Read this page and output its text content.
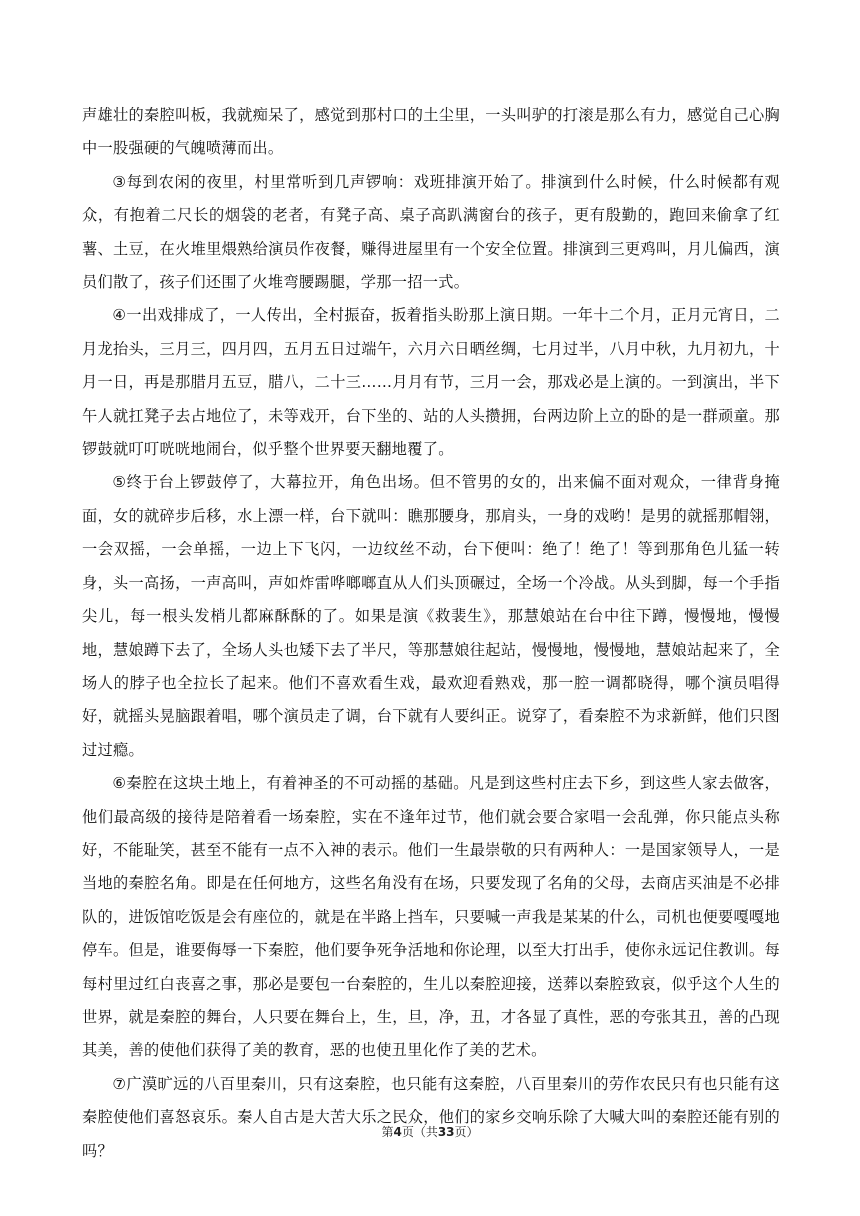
声雄壮的秦腔叫板，我就痴呆了，感觉到那村口的土尘里，一头叫驴的打滚是那么有力，感觉自己心胸中一股强硬的气魄喷薄而出。

③每到农闲的夜里，村里常听到几声锣响：戏班排演开始了。排演到什么时候，什么时候都有观众，有抱着二尺长的烟袋的老者，有凳子高、桌子高趴满窗台的孩子，更有殷勤的，跑回来偷拿了红薯、土豆，在火堆里煨熟给演员作夜餐，赚得进屋里有一个安全位置。排演到三更鸡叫，月儿偏西，演员们散了，孩子们还围了火堆弯腰踢腿，学那一招一式。

④一出戏排成了，一人传出，全村振奋，扳着指头盼那上演日期。一年十二个月，正月元宵日，二月龙抬头，三月三，四月四，五月五日过端午，六月六日晒丝绸，七月过半，八月中秋，九月初九，十月一日，再是那腊月五豆，腊八，二十三……月月有节，三月一会，那戏必是上演的。一到演出，半下午人就扛凳子去占地位了，未等戏开，台下坐的、站的人头攒拥，台两边阶上立的卧的是一群顽童。那锣鼓就叮叮咣咣地闹台，似乎整个世界要天翻地覆了。

⑤终于台上锣鼓停了，大幕拉开，角色出场。但不管男的女的，出来偏不面对观众，一律背身掩面，女的就碎步后移，水上漂一样，台下就叫：瞧那腰身，那肩头，一身的戏哟！是男的就摇那帽翎，一会双摇，一会单摇，一边上下飞闪，一边纹丝不动，台下便叫：绝了！绝了！等到那角色儿猛一转身，头一高扬，一声高叫，声如炸雷哗啷啷直从人们头顶碾过，全场一个冷战。从头到脚，每一个手指尖儿，每一根头发梢儿都麻酥酥的了。如果是演《救裴生》，那慧娘站在台中往下蹲，慢慢地，慢慢地，慧娘蹲下去了，全场人头也矮下去了半尺，等那慧娘往起站，慢慢地，慢慢地，慧娘站起来了，全场人的脖子也全拉长了起来。他们不喜欢看生戏，最欢迎看熟戏，那一腔一调都晓得，哪个演员唱得好，就摇头晃脑跟着唱，哪个演员走了调，台下就有人要纠正。说穿了，看秦腔不为求新鲜，他们只图过过瘾。

⑥秦腔在这块土地上，有着神圣的不可动摇的基础。凡是到这些村庄去下乡，到这些人家去做客，他们最高级的接待是陪着看一场秦腔，实在不逢年过节，他们就会要合家唱一会乱弹，你只能点头称好，不能耻笑，甚至不能有一点不入神的表示。他们一生最崇敬的只有两种人：一是国家领导人，一是当地的秦腔名角。即是在任何地方，这些名角没有在场，只要发现了名角的父母，去商店买油是不必排队的，进饭馆吃饭是会有座位的，就是在半路上挡车，只要喊一声我是某某的什么，司机也便要嘎嘎地停车。但是，谁要侮辱一下秦腔，他们要争死争活地和你论理，以至大打出手，使你永远记住教训。每每村里过红白丧喜之事，那必是要包一台秦腔的，生儿以秦腔迎接，送葬以秦腔致哀，似乎这个人生的世界，就是秦腔的舞台，人只要在舞台上，生，旦，净，丑，才各显了真性，恶的夸张其丑，善的凸现其美，善的使他们获得了美的教育，恶的也使丑里化作了美的艺术。

⑦广漠旷远的八百里秦川，只有这秦腔，也只能有这秦腔，八百里秦川的劳作农民只有也只能有这秦腔使他们喜怒哀乐。秦人自古是大苦大乐之民众，他们的家乡交响乐除了大喊大叫的秦腔还能有别的吗？

第4页（共33页）
